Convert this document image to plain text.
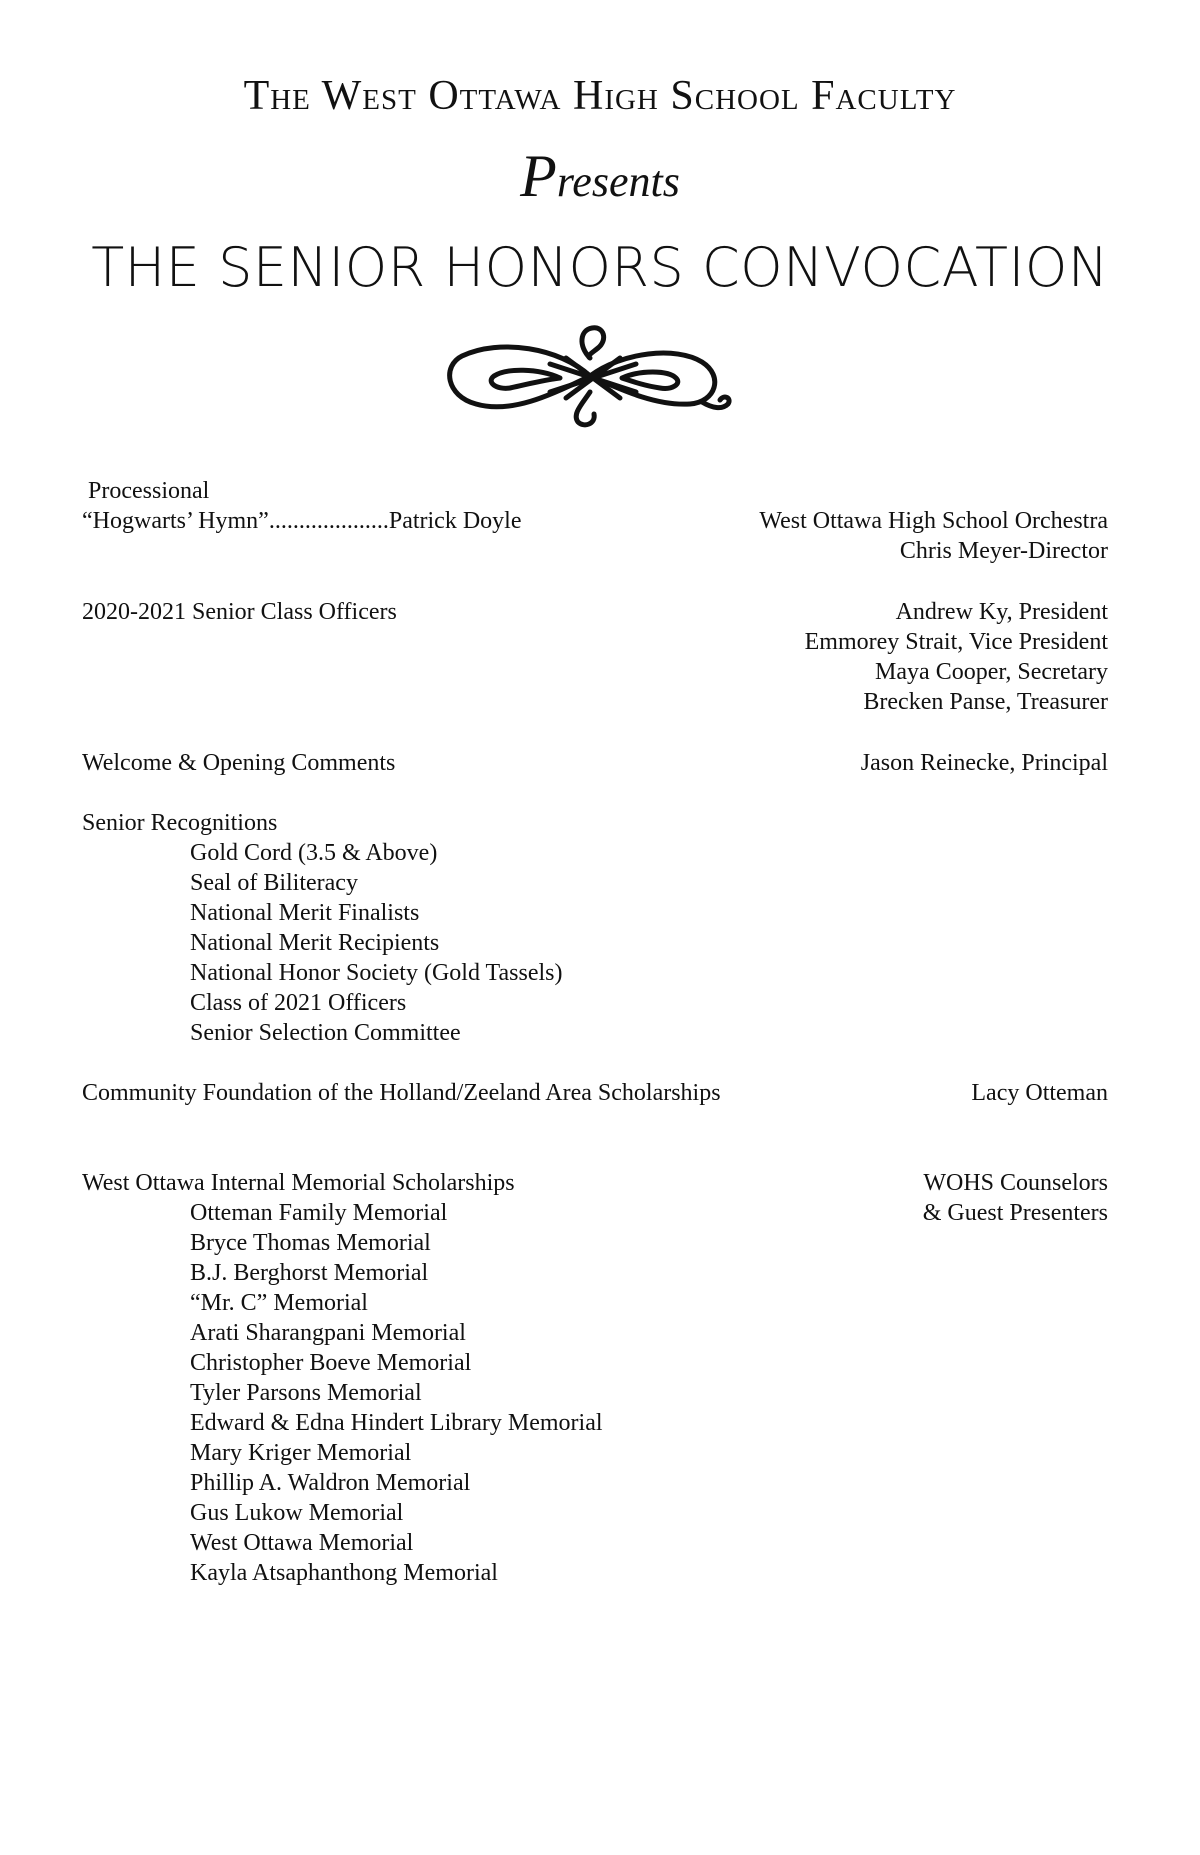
The West Ottawa High School Faculty
Presents
THE SENIOR HONORS CONVOCATION
Processional
“Hogwarts’ Hymn”....................Patrick Doyle	West Ottawa High School Orchestra
Chris Meyer-Director
2020-2021 Senior Class Officers	Andrew Ky, President
Emmorey Strait, Vice President
Maya Cooper, Secretary
Brecken Panse, Treasurer
Welcome & Opening Comments	Jason Reinecke, Principal
Senior Recognitions
Gold Cord (3.5 & Above)
Seal of Biliteracy
National Merit Finalists
National Merit Recipients
National Honor Society (Gold Tassels)
Class of 2021 Officers
Senior Selection Committee
Community Foundation of the Holland/Zeeland Area Scholarships	Lacy Otteman
West Ottawa Internal Memorial Scholarships	WOHS Counselors
& Guest Presenters
Otteman Family Memorial
Bryce Thomas Memorial
B.J. Berghorst Memorial
“Mr. C” Memorial
Arati Sharangpani Memorial
Christopher Boeve Memorial
Tyler Parsons Memorial
Edward & Edna Hindert Library Memorial
Mary Kriger Memorial
Phillip A. Waldron Memorial
Gus Lukow Memorial
West Ottawa Memorial
Kayla Atsaphanthong Memorial
